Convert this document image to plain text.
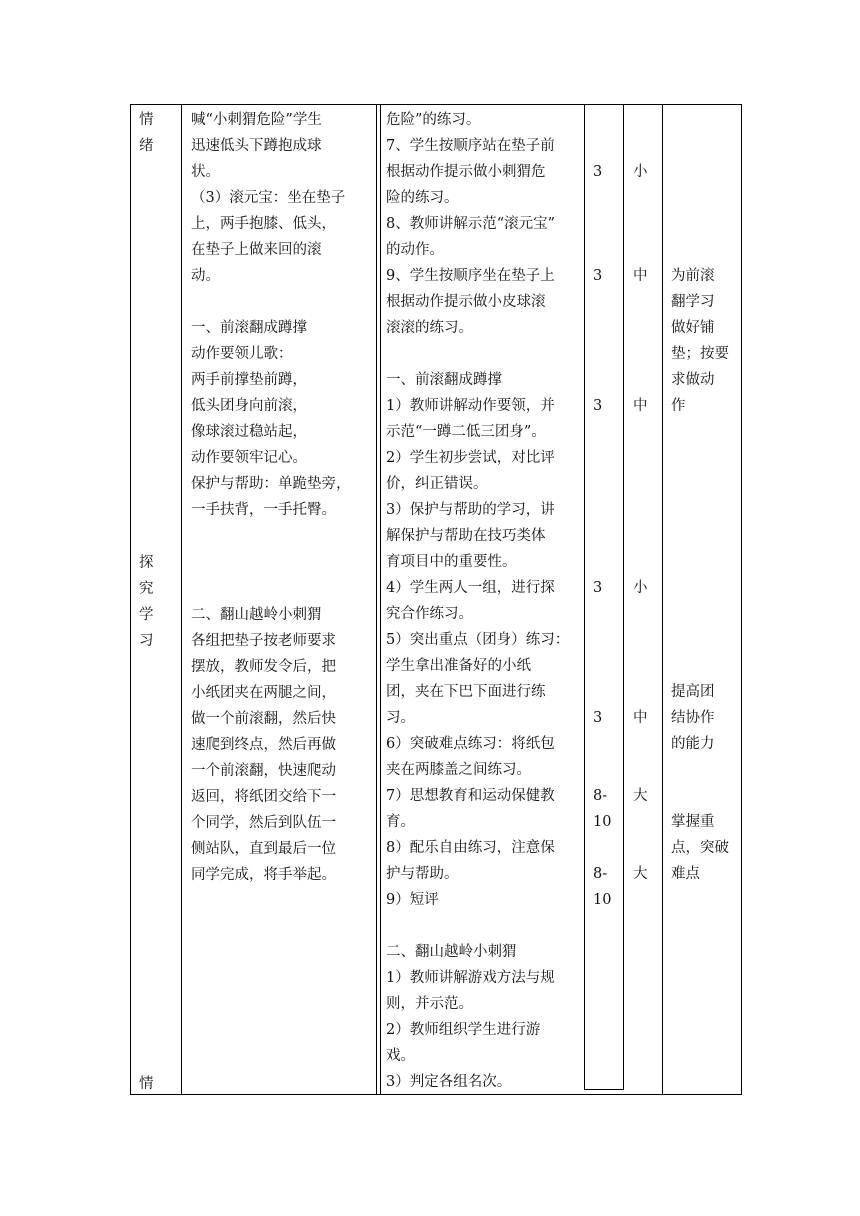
情
绪
探
究
学
习
情
喊“小刺猬危险”学生
迅速低头下蹲抱成球
状。
（3）滚元宝：坐在垫子
上，两手抱膝、低头，
在垫子上做来回的滚
动。
一、前滚翻成蹲撑
动作要领儿歌：
两手前撑垫前蹲，
低头团身向前滚，
像球滚过稳站起，
动作要领牢记心。
保护与帮助：单跪垫旁，
一手扶背，一手托臀。
二、翻山越岭小刺猬
各组把垫子按老师要求
摆放，教师发令后，把
小纸团夹在两腿之间，
做一个前滚翻，然后快
速爬到终点，然后再做
一个前滚翻，快速爬动
返回，将纸团交给下一
个同学，然后到队伍一
侧站队，直到最后一位
同学完成，将手举起。
危险”的练习。
7、学生按顺序站在垫子前
根据动作提示做小刺猬危
险的练习。
8、教师讲解示范“滚元宝”
的动作。
9、学生按顺序坐在垫子上
根据动作提示做小皮球滚
滚滚的练习。
一、前滚翻成蹲撑
1）教师讲解动作要领，并
示范“一蹲二低三团身”。
2）学生初步尝试，对比评
价，纠正错误。
3）保护与帮助的学习，讲
解保护与帮助在技巧类体
育项目中的重要性。
4）学生两人一组，进行探
究合作练习。
5）突出重点（团身）练习：
学生拿出准备好的小纸
团，夹在下巴下面进行练
习。
6）突破难点练习：将纸包
夹在两膝盖之间练习。
7）思想教育和运动保健教
育。
8）配乐自由练习，注意保
护与帮助。
9）短评
二、翻山越岭小刺猬
1）教师讲解游戏方法与规
则，并示范。
2）教师组织学生进行游
戏。
3）判定各组名次。
3
3
3
3
3
8-
10
8-
10
小
中
中
小
中
大
大
为前滚
翻学习
做好铺
垫；按要
求做动
作
提高团
结协作
的能力
掌握重
点，突破
难点
